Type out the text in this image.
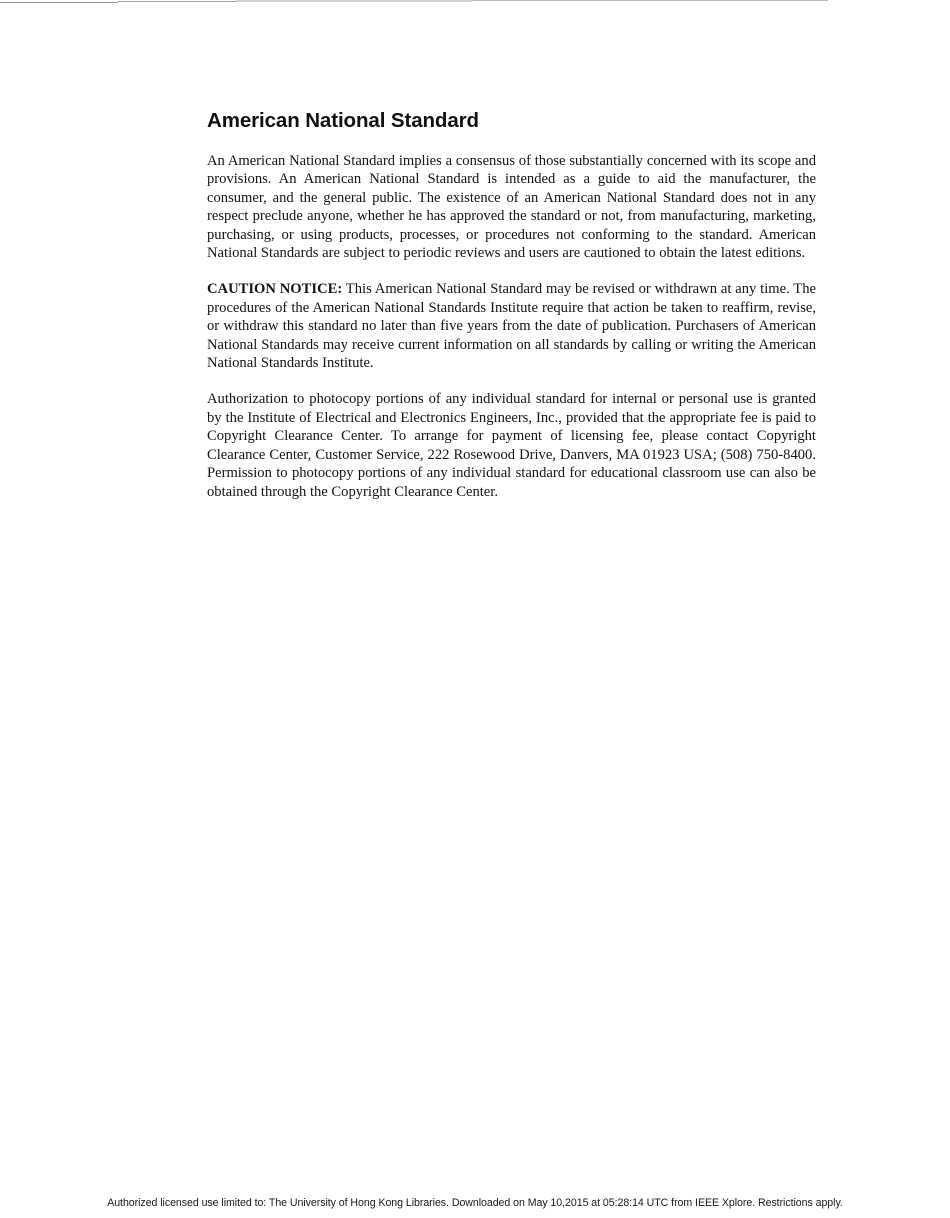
American National Standard

An American National Standard implies a consensus of those substantially concerned with its scope and provisions. An American National Standard is intended as a guide to aid the manufacturer, the consumer, and the general public. The existence of an American National Standard does not in any respect preclude anyone, whether he has approved the standard or not, from manufacturing, marketing, purchasing, or using products, processes, or procedures not conforming to the standard. American National Standards are subject to periodic reviews and users are cautioned to obtain the latest editions.

CAUTION NOTICE: This American National Standard may be revised or withdrawn at any time. The procedures of the American National Standards Institute require that action be taken to reaffirm, revise, or withdraw this standard no later than five years from the date of publication. Purchasers of American National Standards may receive current information on all standards by calling or writing the American National Standards Institute.

Authorization to photocopy portions of any individual standard for internal or personal use is granted by the Institute of Electrical and Electronics Engineers, Inc., provided that the appropriate fee is paid to Copyright Clearance Center. To arrange for payment of licensing fee, please contact Copyright Clearance Center, Customer Service, 222 Rosewood Drive, Danvers, MA 01923 USA; (508) 750-8400. Permission to photocopy portions of any individual standard for educational classroom use can also be obtained through the Copyright Clearance Center.

Authorized licensed use limited to: The University of Hong Kong Libraries. Downloaded on May 10,2015 at 05:28:14 UTC from IEEE Xplore. Restrictions apply.
